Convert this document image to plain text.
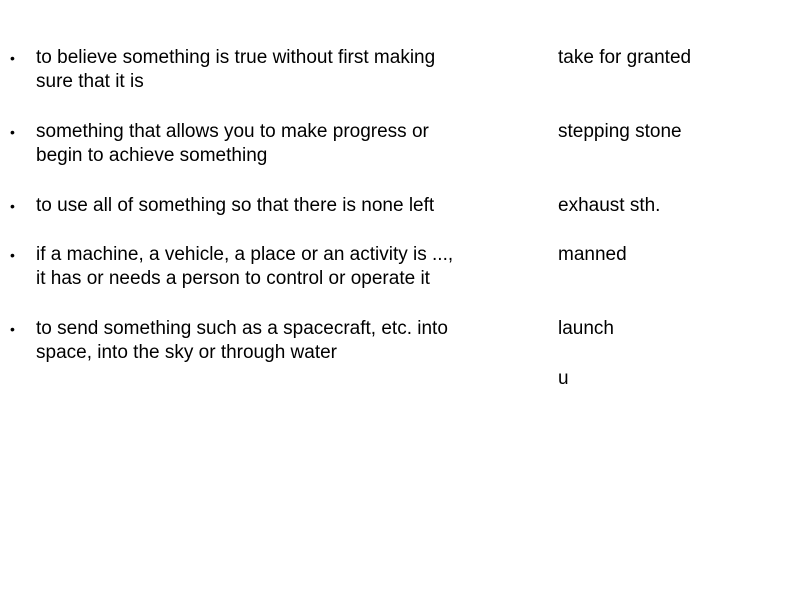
• to believe something is true without first making
sure that it is
• something that allows you to make progress or
begin to achieve something
• to use all of something so that there is none left
• if a machine, a vehicle, a place or an activity is ...,
it has or needs a person to control or operate it
• to send something such as a spacecraft, etc. into
space, into the sky or through water
take for granted
stepping stone
exhaust sth.
manned
launch
u
